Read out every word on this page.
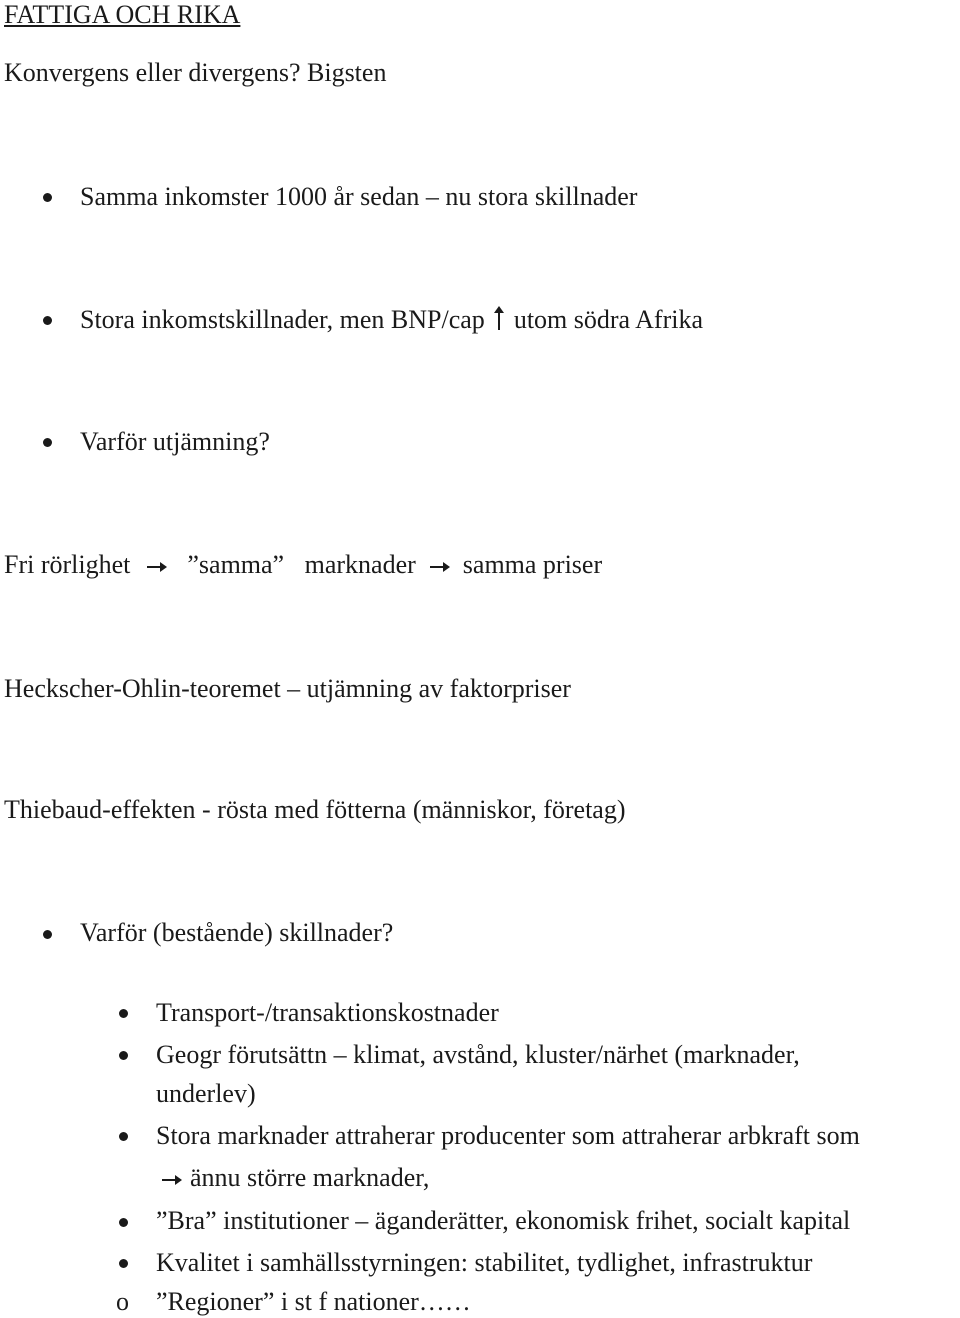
FATTIGA OCH RIKA
Konvergens eller divergens? Bigsten
Samma inkomster 1000 år sedan – nu stora skillnader
Stora inkomstskillnader, men BNP/cap utom södra Afrika
Varför utjämning?
Fri rörlighet ”samma” marknader samma priser
Heckscher-Ohlin-teoremet – utjämning av faktorpriser
Thiebaud-effekten - rösta med fötterna (människor, företag)
Varför (bestående) skillnader?
Transport-/transaktionskostnader
Geogr förutsättn – klimat, avstånd, kluster/närhet (marknader,
underlev)
Stora marknader attraherar producenter som attraherar arbkraft som
ännu större marknader,
”Bra” institutioner – äganderätter, ekonomisk frihet, socialt kapital
Kvalitet i samhällsstyrningen: stabilitet, tydlighet, infrastruktur
o ”Regioner” i st f nationer……
